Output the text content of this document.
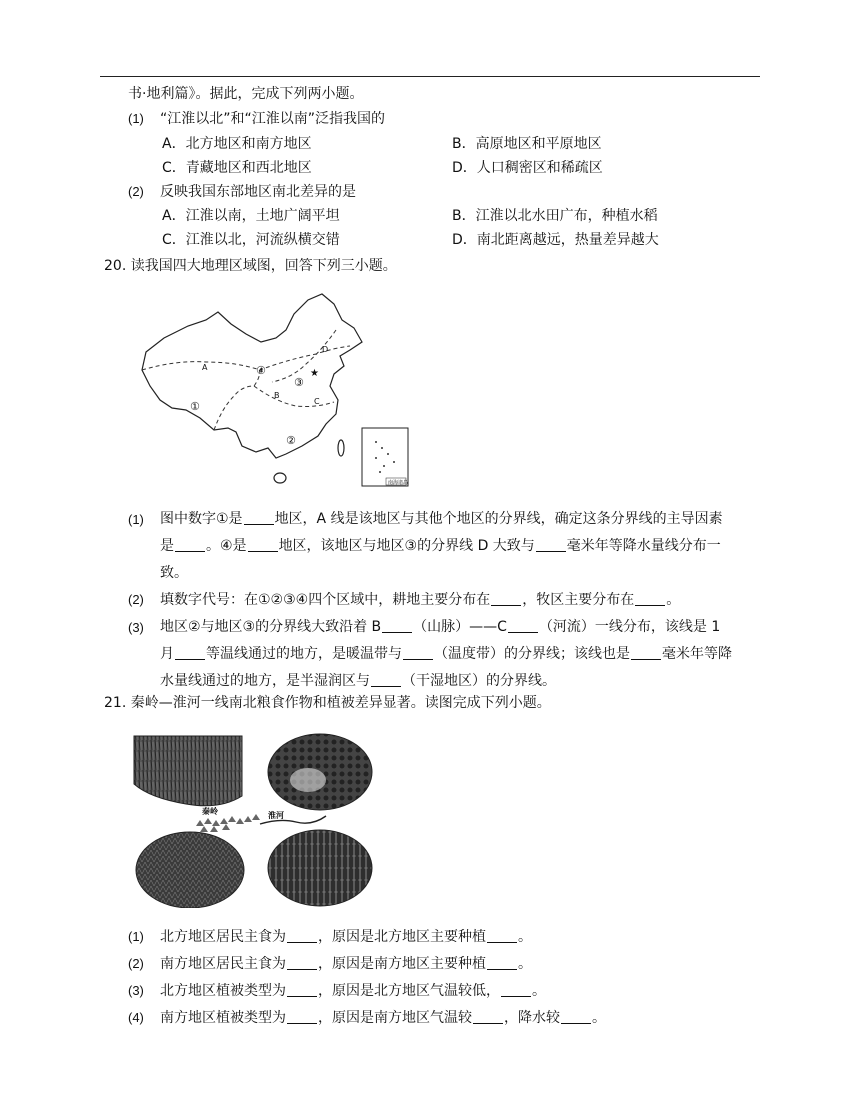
书·地利篇》。据此，完成下列两小题。
(1) “江淮以北”和“江淮以南”泛指我国的
A．北方地区和南方地区	B．高原地区和平原地区
C．青藏地区和西北地区	D．人口稠密区和稀疏区
(2) 反映我国东部地区南北差异的是
A．江淮以南，土地广阔平坦	B．江淮以北水田广布，种植水稻
C．江淮以北，河流纵横交错	D．南北距离越远，热量差异越大
20. 读我国四大地理区域图，回答下列三小题。
①
②
③
④
A
B
C
D
★
南海诸岛
(1) 图中数字①是 地区，A 线是该地区与其他个地区的分界线，确定这条分界线的主导因素
是 。④是 地区，该地区与地区③的分界线 D 大致与 毫米年等降水量线分布一
致。
(2) 填数字代号：在①②③④四个区域中，耕地主要分布在 ，牧区主要分布在 。
(3) 地区②与地区③的分界线大致沿着 B （山脉）——C （河流）一线分布，该线是 1
月 等温线通过的地方，是暖温带与 （温度带）的分界线；该线也是 毫米年等降
水量线通过的地方，是半湿润区与 （干湿地区）的分界线。
21. 秦岭—淮河一线南北粮食作物和植被差异显著。读图完成下列小题。
秦岭	淮河
(1) 北方地区居民主食为 ，原因是北方地区主要种植 。
(2) 南方地区居民主食为 ，原因是南方地区主要种植 。
(3) 北方地区植被类型为 ，原因是北方地区气温较低， 。
(4) 南方地区植被类型为 ，原因是南方地区气温较 ，降水较 。
